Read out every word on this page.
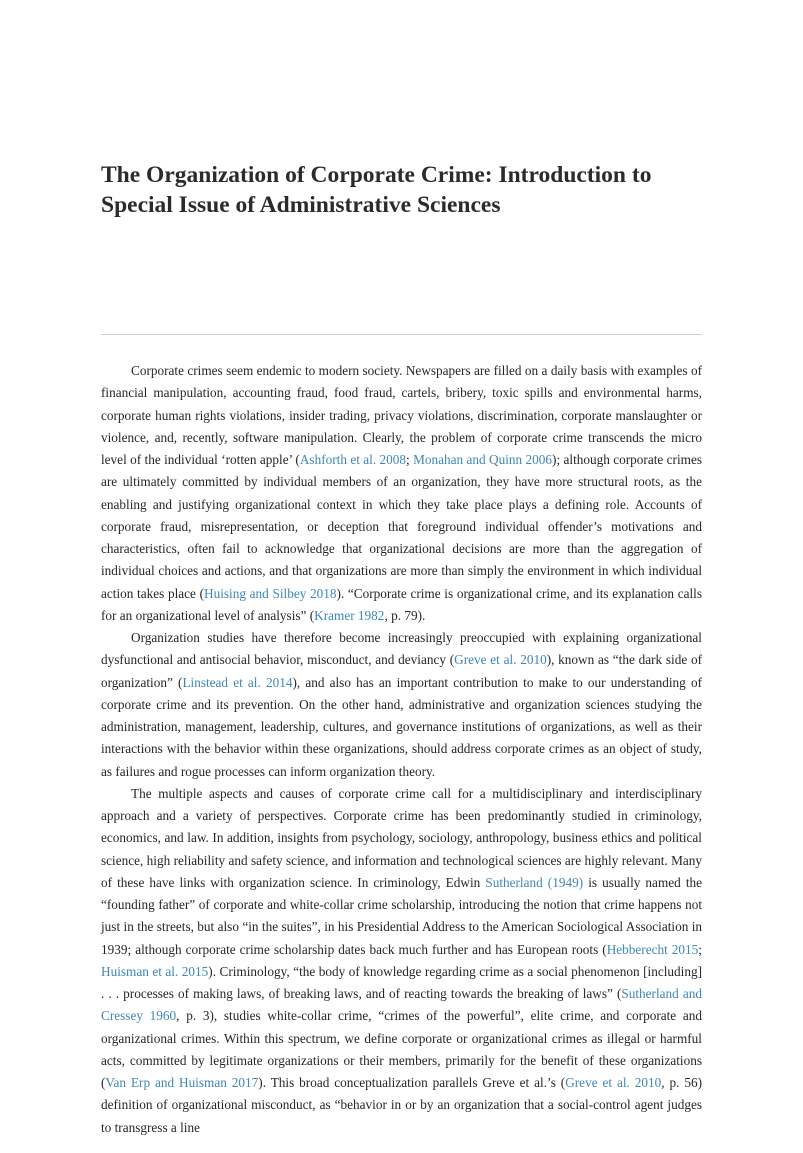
The Organization of Corporate Crime: Introduction to
Special Issue of Administrative Sciences

Corporate crimes seem endemic to modern society. Newspapers are filled on a daily basis with examples of financial manipulation, accounting fraud, food fraud, cartels, bribery, toxic spills and environmental harms, corporate human rights violations, insider trading, privacy violations, discrimination, corporate manslaughter or violence, and, recently, software manipulation. Clearly, the problem of corporate crime transcends the micro level of the individual ‘rotten apple’ (Ashforth et al. 2008; Monahan and Quinn 2006); although corporate crimes are ultimately committed by individual members of an organization, they have more structural roots, as the enabling and justifying organizational context in which they take place plays a defining role. Accounts of corporate fraud, misrepresentation, or deception that foreground individual offender’s motivations and characteristics, often fail to acknowledge that organizational decisions are more than the aggregation of individual choices and actions, and that organizations are more than simply the environment in which individual action takes place (Huising and Silbey 2018). “Corporate crime is organizational crime, and its explanation calls for an organizational level of analysis” (Kramer 1982, p. 79).

Organization studies have therefore become increasingly preoccupied with explaining organizational dysfunctional and antisocial behavior, misconduct, and deviancy (Greve et al. 2010), known as “the dark side of organization” (Linstead et al. 2014), and also has an important contribution to make to our understanding of corporate crime and its prevention. On the other hand, administrative and organization sciences studying the administration, management, leadership, cultures, and governance institutions of organizations, as well as their interactions with the behavior within these organizations, should address corporate crimes as an object of study, as failures and rogue processes can inform organization theory.

The multiple aspects and causes of corporate crime call for a multidisciplinary and interdisciplinary approach and a variety of perspectives. Corporate crime has been predominantly studied in criminology, economics, and law. In addition, insights from psychology, sociology, anthropology, business ethics and political science, high reliability and safety science, and information and technological sciences are highly relevant. Many of these have links with organization science. In criminology, Edwin Sutherland (1949) is usually named the “founding father” of corporate and white-collar crime scholarship, introducing the notion that crime happens not just in the streets, but also “in the suites”, in his Presidential Address to the American Sociological Association in 1939; although corporate crime scholarship dates back much further and has European roots (Hebberecht 2015; Huisman et al. 2015). Criminology, “the body of knowledge regarding crime as a social phenomenon [including] . . . processes of making laws, of breaking laws, and of reacting towards the breaking of laws” (Sutherland and Cressey 1960, p. 3), studies white-collar crime, “crimes of the powerful”, elite crime, and corporate and organizational crimes. Within this spectrum, we define corporate or organizational crimes as illegal or harmful acts, committed by legitimate organizations or their members, primarily for the benefit of these organizations (Van Erp and Huisman 2017). This broad conceptualization parallels Greve et al.’s (Greve et al. 2010, p. 56) definition of organizational misconduct, as “behavior in or by an organization that a social-control agent judges to transgress a line
